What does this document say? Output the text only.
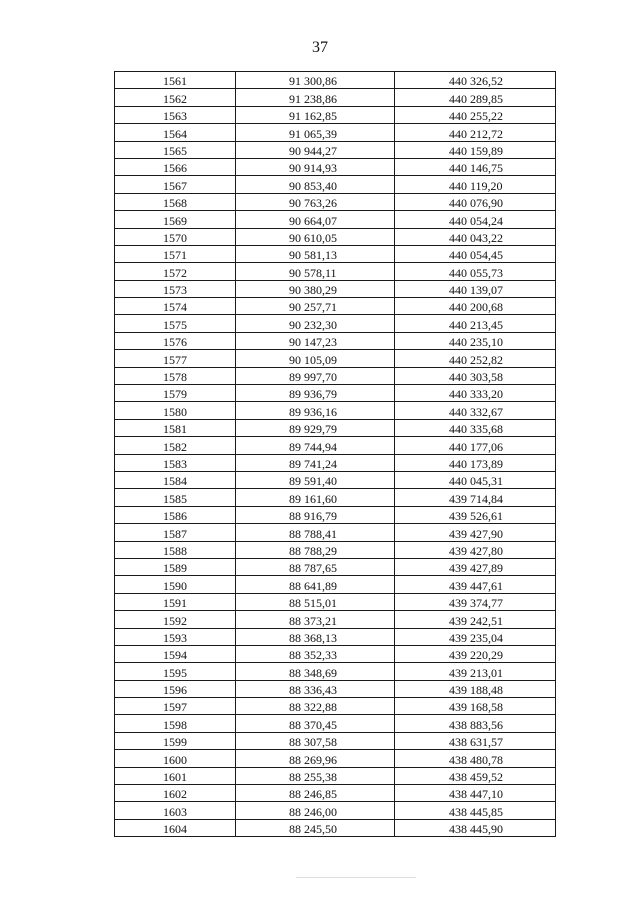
37
1561	91 300,86	440 326,52
1562	91 238,86	440 289,85
1563	91 162,85	440 255,22
1564	91 065,39	440 212,72
1565	90 944,27	440 159,89
1566	90 914,93	440 146,75
1567	90 853,40	440 119,20
1568	90 763,26	440 076,90
1569	90 664,07	440 054,24
1570	90 610,05	440 043,22
1571	90 581,13	440 054,45
1572	90 578,11	440 055,73
1573	90 380,29	440 139,07
1574	90 257,71	440 200,68
1575	90 232,30	440 213,45
1576	90 147,23	440 235,10
1577	90 105,09	440 252,82
1578	89 997,70	440 303,58
1579	89 936,79	440 333,20
1580	89 936,16	440 332,67
1581	89 929,79	440 335,68
1582	89 744,94	440 177,06
1583	89 741,24	440 173,89
1584	89 591,40	440 045,31
1585	89 161,60	439 714,84
1586	88 916,79	439 526,61
1587	88 788,41	439 427,90
1588	88 788,29	439 427,80
1589	88 787,65	439 427,89
1590	88 641,89	439 447,61
1591	88 515,01	439 374,77
1592	88 373,21	439 242,51
1593	88 368,13	439 235,04
1594	88 352,33	439 220,29
1595	88 348,69	439 213,01
1596	88 336,43	439 188,48
1597	88 322,88	439 168,58
1598	88 370,45	438 883,56
1599	88 307,58	438 631,57
1600	88 269,96	438 480,78
1601	88 255,38	438 459,52
1602	88 246,85	438 447,10
1603	88 246,00	438 445,85
1604	88 245,50	438 445,90
